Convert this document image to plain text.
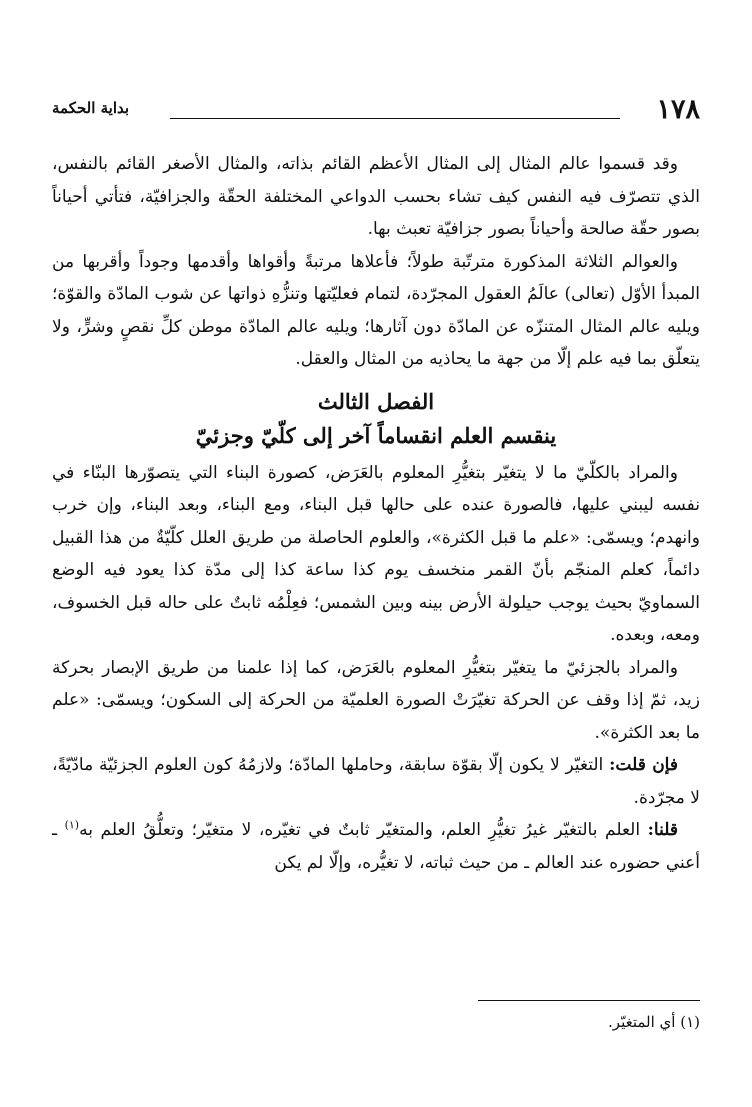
١٧٨
بداية الحكمة

وقد قسموا عالم المثال إلى المثال الأعظم القائم بذاته، والمثال الأصغر القائم بالنفس، الذي تتصرّف فيه النفس كيف تشاء بحسب الدواعي المختلفة الحقّة والجزافيّة، فتأتي أحياناً بصور حقّة صالحة وأحياناً بصور جزافيّة تعبث بها.

والعوالم الثلاثة المذكورة مترتّبة طولاً؛ فأعلاها مرتبةً وأقواها وأقدمها وجوداً وأقربها من المبدأ الأوّل (تعالى) عالَمُ العقول المجرّدة، لتمام فعليّتها وتنزُّهِ ذواتها عن شوب المادّة والقوّة؛ ويليه عالم المثال المتنزّه عن المادّة دون آثارها؛ ويليه عالم المادّة موطن كلِّ نقصٍ وشرٍّ، ولا يتعلّق بما فيه علم إلّا من جهة ما يحاذيه من المثال والعقل.

الفصل الثالث
ينقسم العلم انقساماً آخر إلى كلّيّ وجزئيّ

والمراد بالكلّيّ ما لا يتغيّر بتغيُّرِ المعلوم بالعَرَض، كصورة البناء التي يتصوّرها البنّاء في نفسه ليبني عليها، فالصورة عنده على حالها قبل البناء، ومع البناء، وبعد البناء، وإن خرب وانهدم؛ ويسمّى: «علم ما قبل الكثرة»، والعلوم الحاصلة من طريق العلل كلّيّةٌ من هذا القبيل دائماً، كعلم المنجّم بأنّ القمر منخسف يوم كذا ساعة كذا إلى مدّة كذا يعود فيه الوضع السماويّ بحيث يوجب حيلولة الأرض بينه وبين الشمس؛ فعِلْمُه ثابتٌ على حاله قبل الخسوف، ومعه، وبعده.

والمراد بالجزئيّ ما يتغيّر بتغيُّرِ المعلوم بالعَرَض، كما إذا علمنا من طريق الإبصار بحركة زيد، ثمّ إذا وقف عن الحركة تغيّرَتْ الصورة العلميّة من الحركة إلى السكون؛ ويسمّى: «علم ما بعد الكثرة».

فإن قلت: التغيّر لا يكون إلّا بقوّة سابقة، وحاملها المادّة؛ ولازمُهُ كون العلوم الجزئيّة مادّيّةً، لا مجرّدة.

قلنا: العلم بالتغيّر غيرُ تغيُّرِ العلم، والمتغيّر ثابتٌ في تغيّره، لا متغيّر؛ وتعلُّقُ العلم به$^{(١)}$ ـ أعني حضوره عند العالم ـ من حيث ثباته، لا تغيُّره، وإلّا لم يكن

(١) أي المتغيّر.
